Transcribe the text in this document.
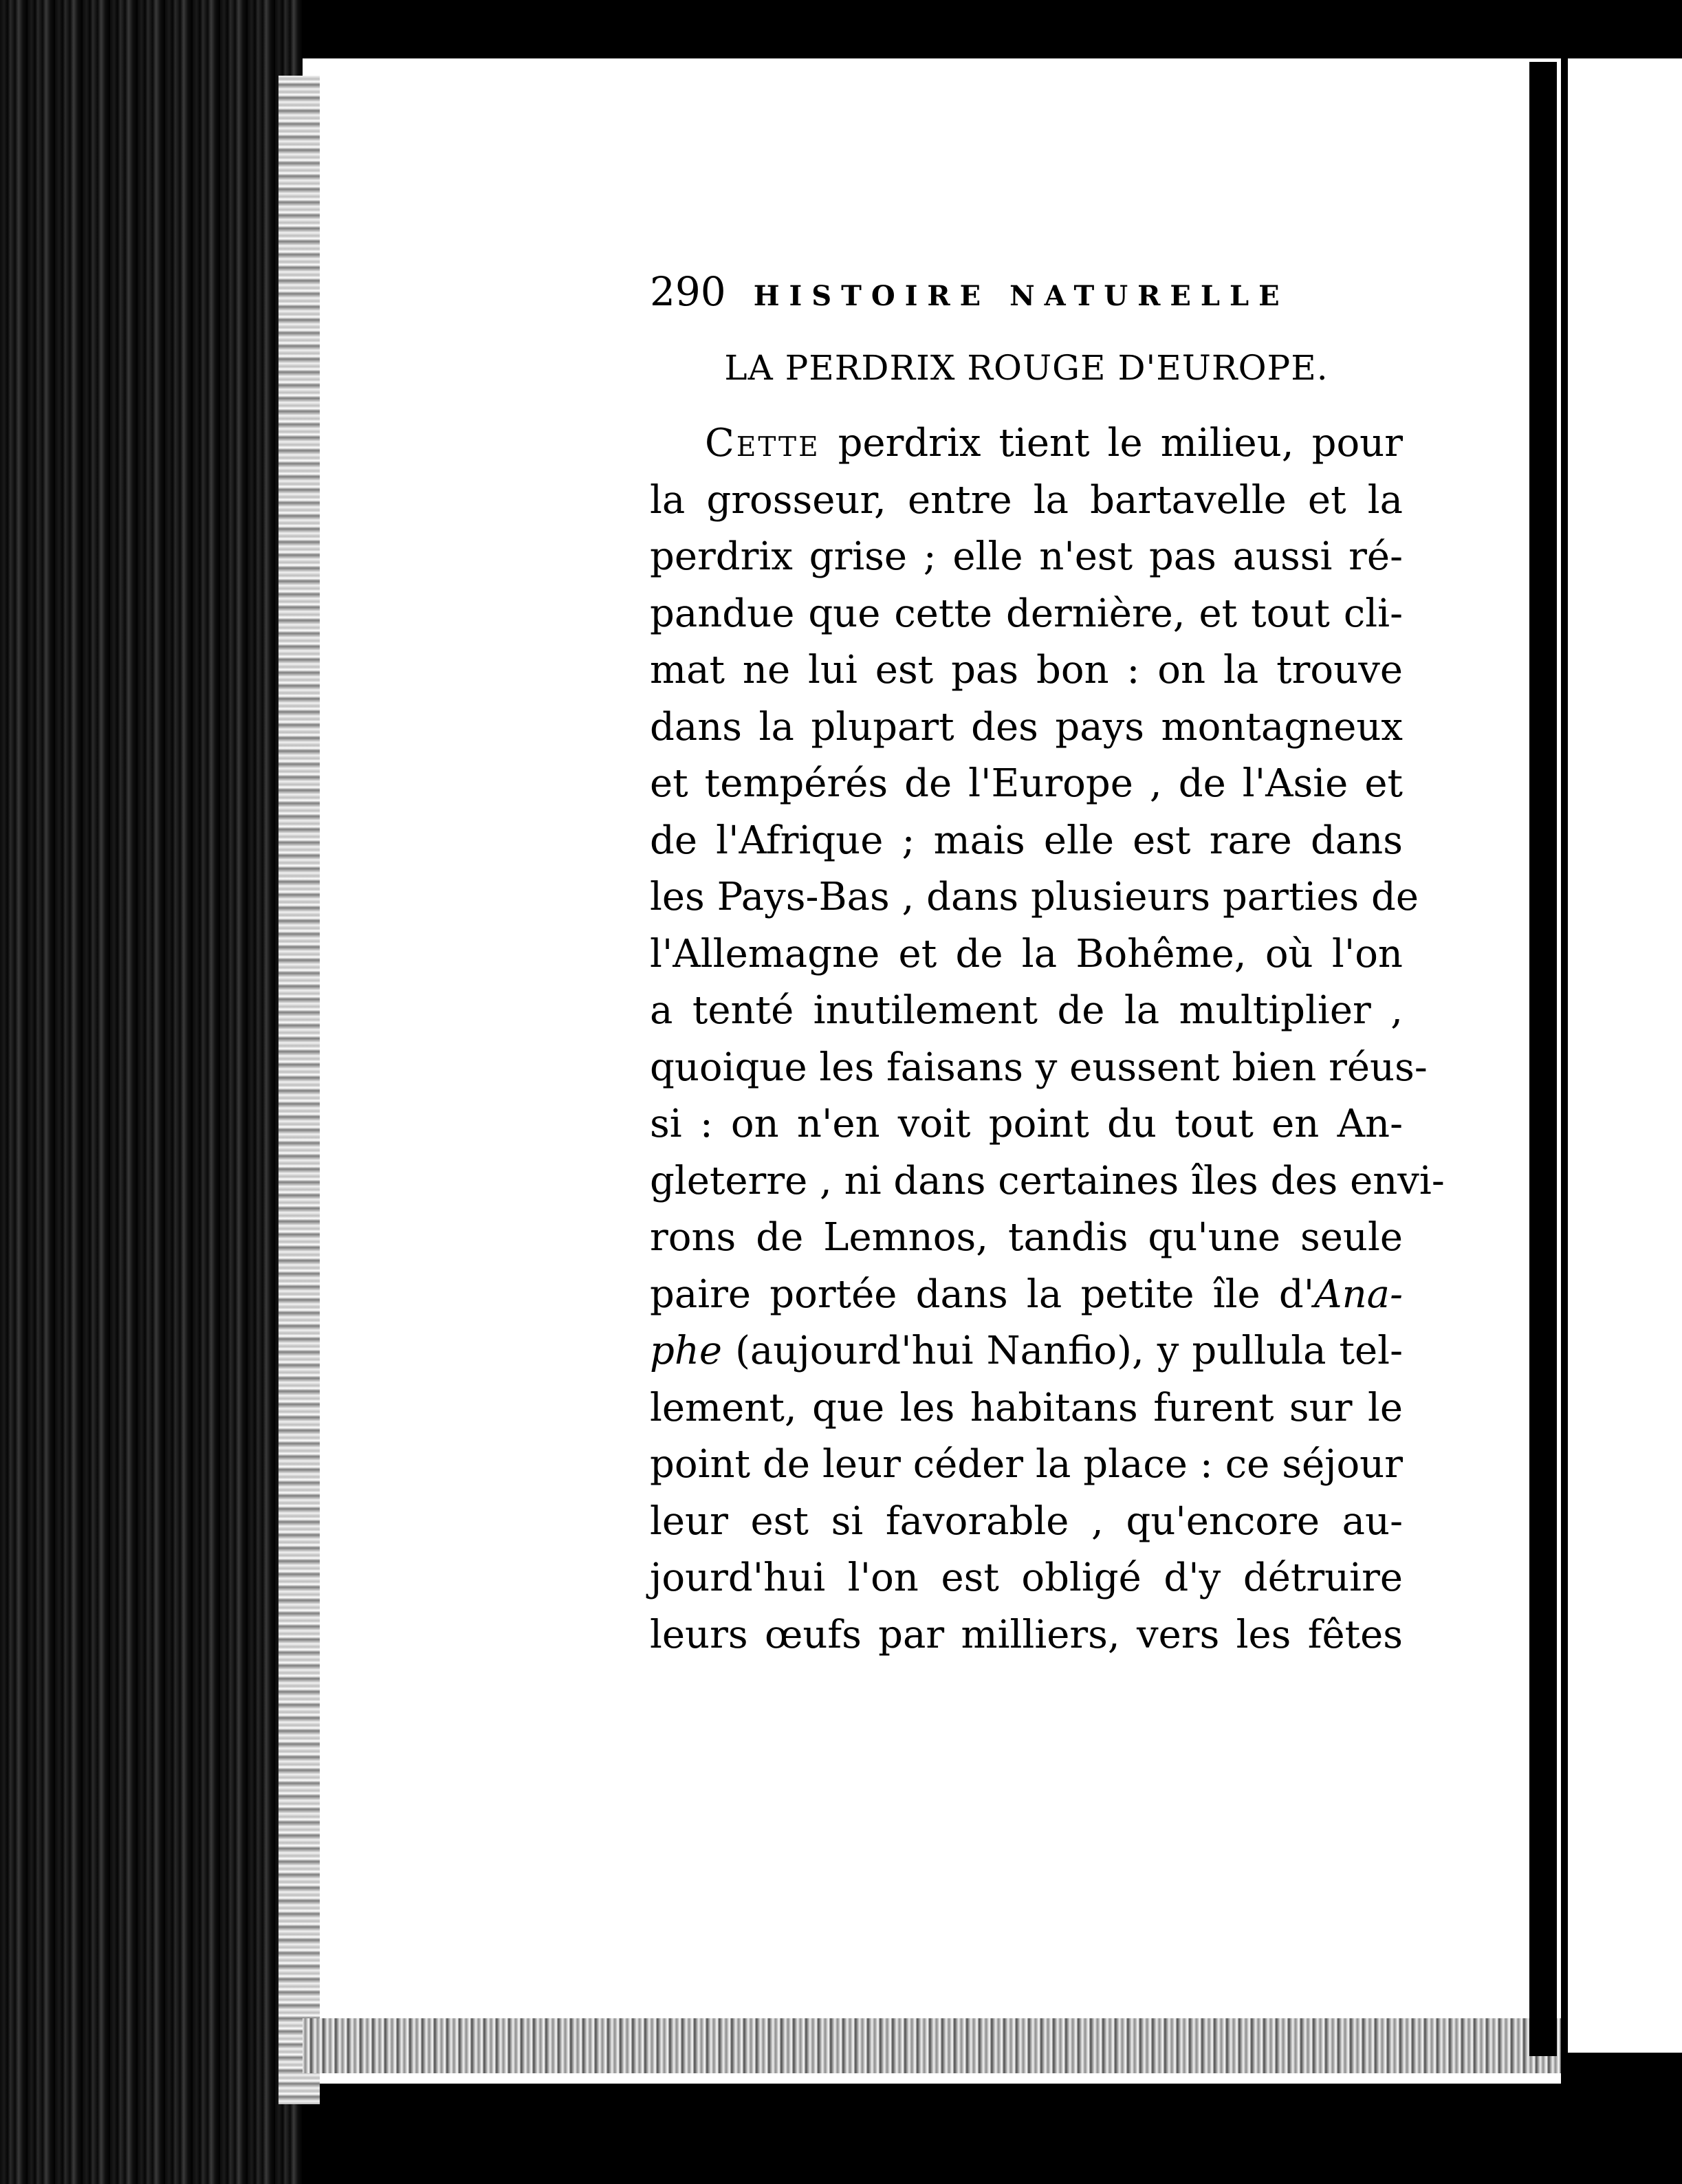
290 HISTOIRE NATURELLE
LA PERDRIX ROUGE D'EUROPE.
Cette perdrix tient le milieu, pour
la grosseur, entre la bartavelle et la
perdrix grise ; elle n'est pas aussi ré-
pandue que cette dernière, et tout cli-
mat ne lui est pas bon : on la trouve
dans la plupart des pays montagneux
et tempérés de l'Europe , de l'Asie et
de l'Afrique ; mais elle est rare dans
les Pays-Bas , dans plusieurs parties de
l'Allemagne et de la Bohême, où l'on
a tenté inutilement de la multiplier ,
quoique les faisans y eussent bien réus-
si : on n'en voit point du tout en An-
gleterre , ni dans certaines îles des envi-
rons de Lemnos, tandis qu'une seule
paire portée dans la petite île d'Ana-
phe (aujourd'hui Nanfio), y pullula tel-
lement, que les habitans furent sur le
point de leur céder la place : ce séjour
leur est si favorable , qu'encore au-
jourd'hui l'on est obligé d'y détruire
leurs œufs par milliers, vers les fêtes
